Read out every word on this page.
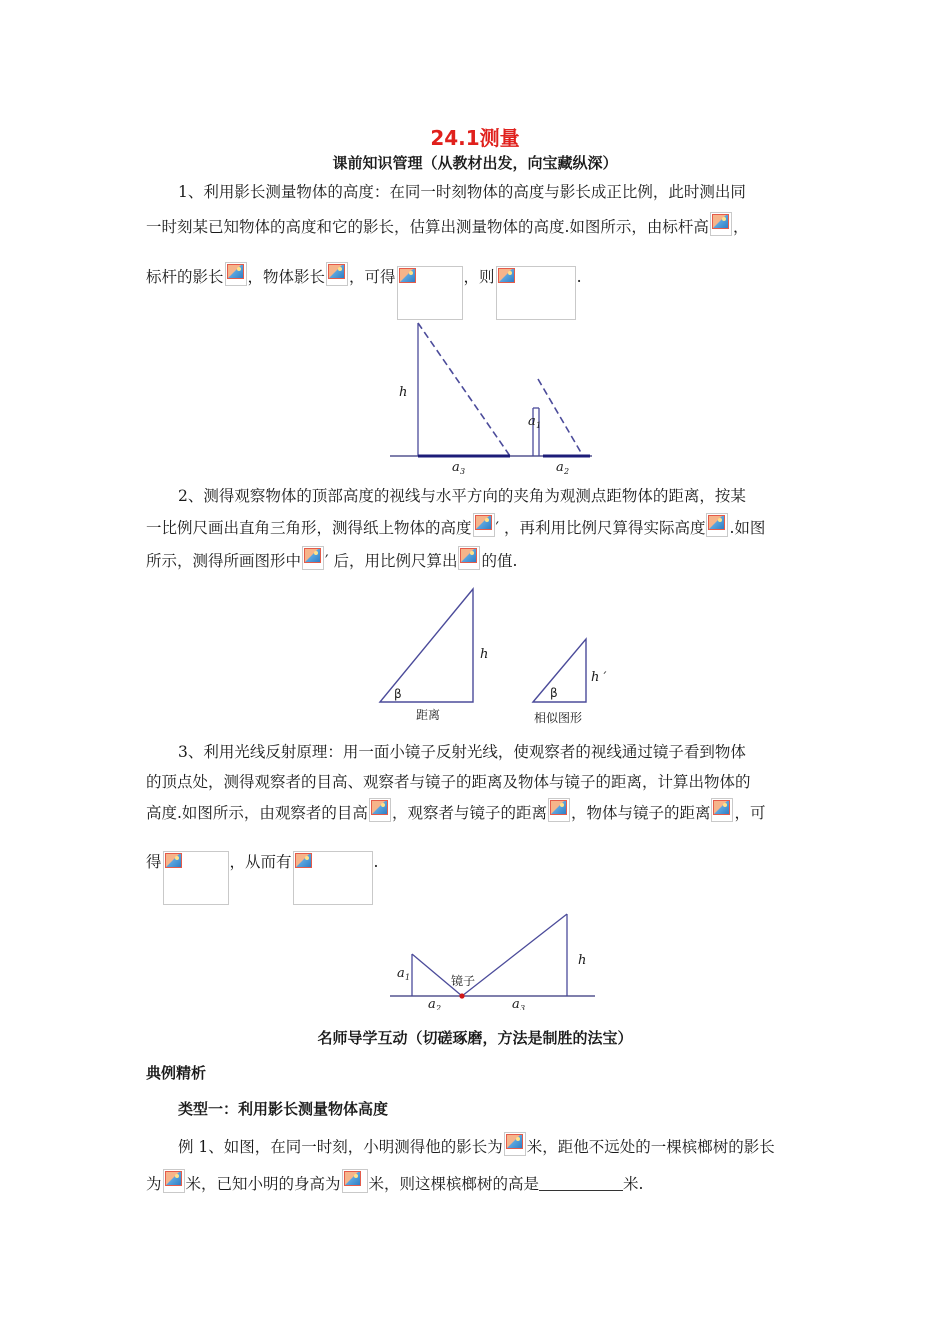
24.1测量
课前知识管理（从教材出发，向宝藏纵深）
1、利用影长测量物体的高度：在同一时刻物体的高度与影长成正比例，此时测出同
一时刻某已知物体的高度和它的影长，估算出测量物体的高度.如图所示，由标杆高 ，
标杆的影长 ，物体影长 ，可得	，则	.
h
a 1
a 3	a 2
2、测得观察物体的顶部高度的视线与水平方向的夹角为观测点距物体的距离，按某
一比例尺画出直角三角形，测得纸上物体的高度 ′ ，再利用比例尺算得实际高度 .如图
所示，测得所画图形中 ′ 后，用比例尺算出 的值.
h
h ′
β	β
距离	相似图形
3、利用光线反射原理：用一面小镜子反射光线，使观察者的视线通过镜子看到物体
的顶点处，测得观察者的目高、观察者与镜子的距离及物体与镜子的距离，计算出物体的
高度.如图所示，由观察者的目高 ，观察者与镜子的距离 ，物体与镜子的距离 ，可
得	，从而有	.
h
a 1	镜子
a 2	a 3
名师导学互动（切磋琢磨，方法是制胜的法宝）
典例精析
类型一：利用影长测量物体高度
例 1、如图，在同一时刻，小明测得他的影长为 米，距他不远处的一棵槟榔树的影长
为 米，已知小明的身高为 米，则这棵槟榔树的高是	米.
